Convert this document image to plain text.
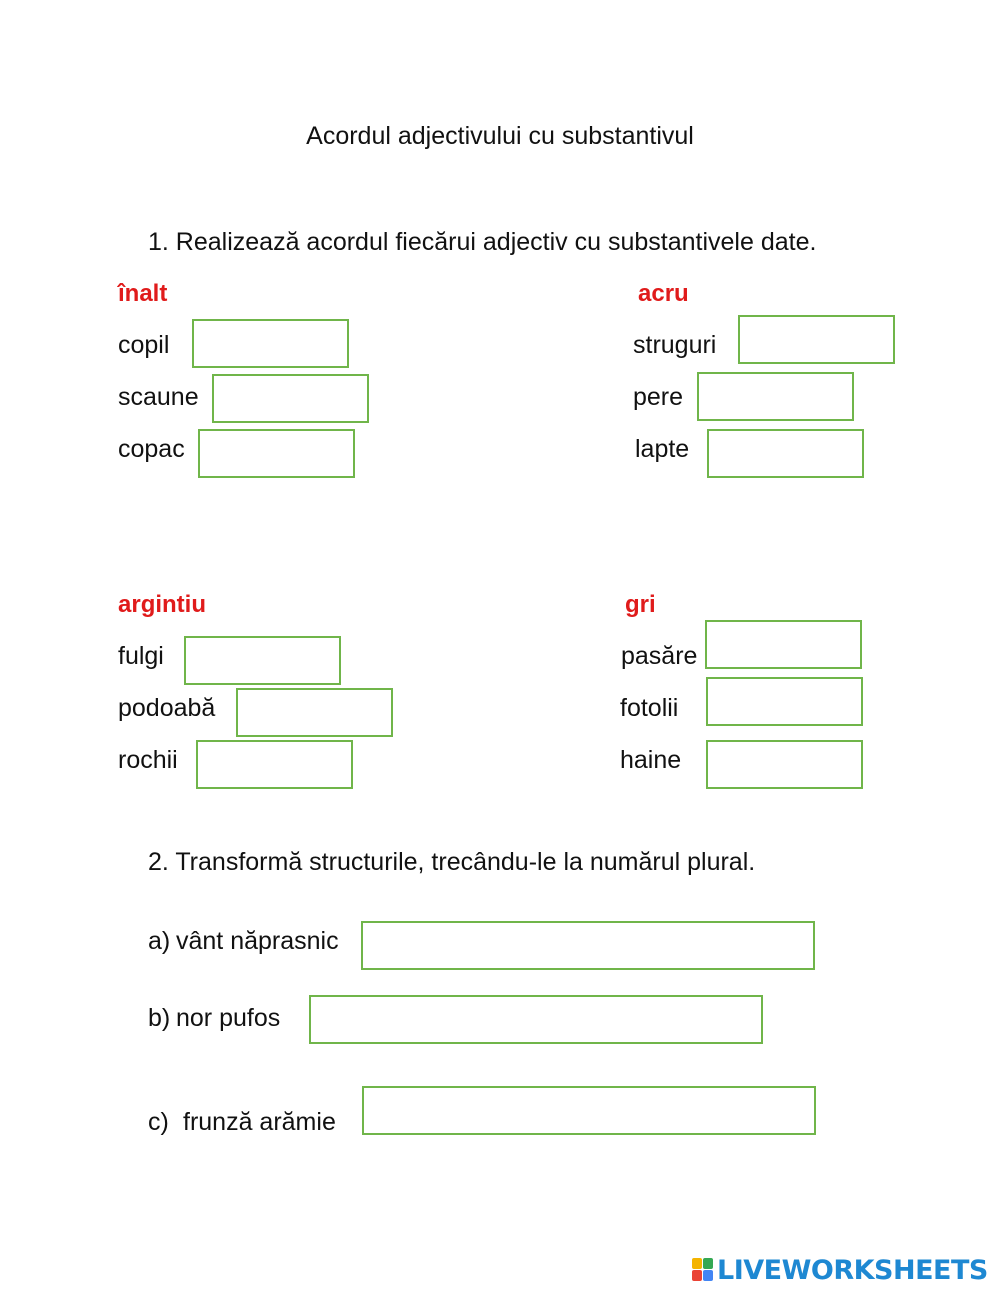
Acordul adjectivului cu substantivul
1. Realizează acordul fiecărui adjectiv cu substantivele date.
înalt
copil
scaune
copac
acru
struguri
pere
lapte
argintiu
fulgi
podoabă
rochii
gri
pasăre
fotolii
haine
2. Transformă structurile, trecându-le la numărul plural.
a) vânt năprasnic
b) nor pufos
c) frunză arămie
LIVEWORKSHEETS
